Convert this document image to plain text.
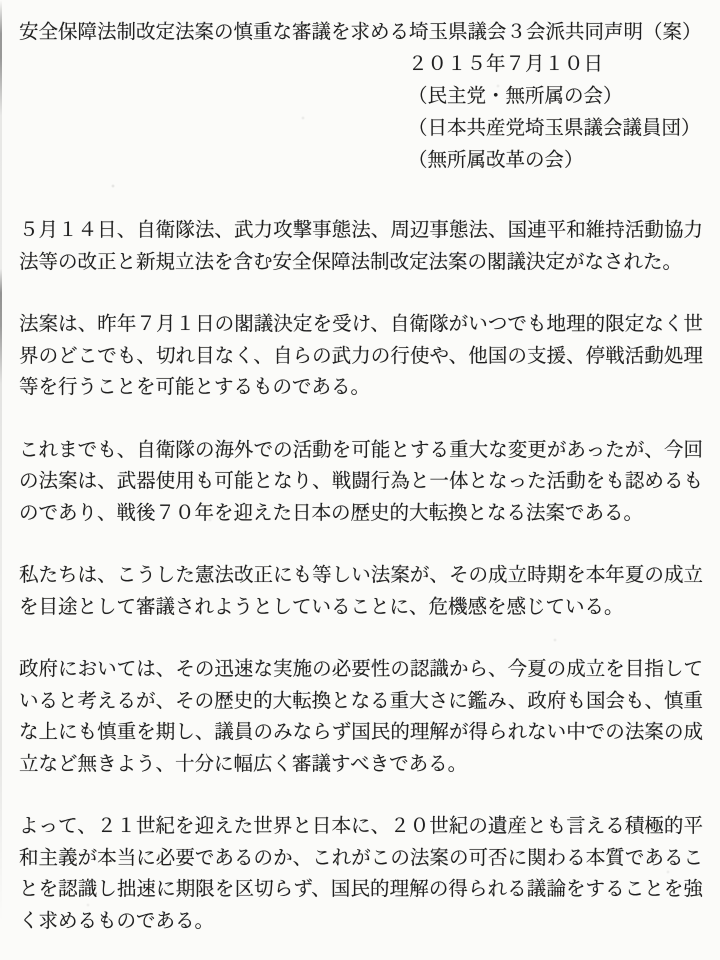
安全保障法制改定法案の慎重な審議を求める埼玉県議会３会派共同声明（案）
２０１５年７月１０日
（民主党・無所属の会）
（日本共産党埼玉県議会議員団）
（無所属改革の会）

５月１４日、自衛隊法、武力攻撃事態法、周辺事態法、国連平和維持活動協力法等の改正と新規立法を含む安全保障法制改定法案の閣議決定がなされた。

法案は、昨年７月１日の閣議決定を受け、自衛隊がいつでも地理的限定なく世界のどこでも、切れ目なく、自らの武力の行使や、他国の支援、停戦活動処理等を行うことを可能とするものである。

これまでも、自衛隊の海外での活動を可能とする重大な変更があったが、今回の法案は、武器使用も可能となり、戦闘行為と一体となった活動をも認めるものであり、戦後７０年を迎えた日本の歴史的大転換となる法案である。

私たちは、こうした憲法改正にも等しい法案が、その成立時期を本年夏の成立を目途として審議されようとしていることに、危機感を感じている。

政府においては、その迅速な実施の必要性の認識から、今夏の成立を目指していると考えるが、その歴史的大転換となる重大さに鑑み、政府も国会も、慎重な上にも慎重を期し、議員のみならず国民的理解が得られない中での法案の成立など無きよう、十分に幅広く審議すべきである。

よって、２１世紀を迎えた世界と日本に、２０世紀の遺産とも言える積極的平和主義が本当に必要であるのか、これがこの法案の可否に関わる本質であることを認識し拙速に期限を区切らず、国民的理解の得られる議論をすることを強く求めるものである。
